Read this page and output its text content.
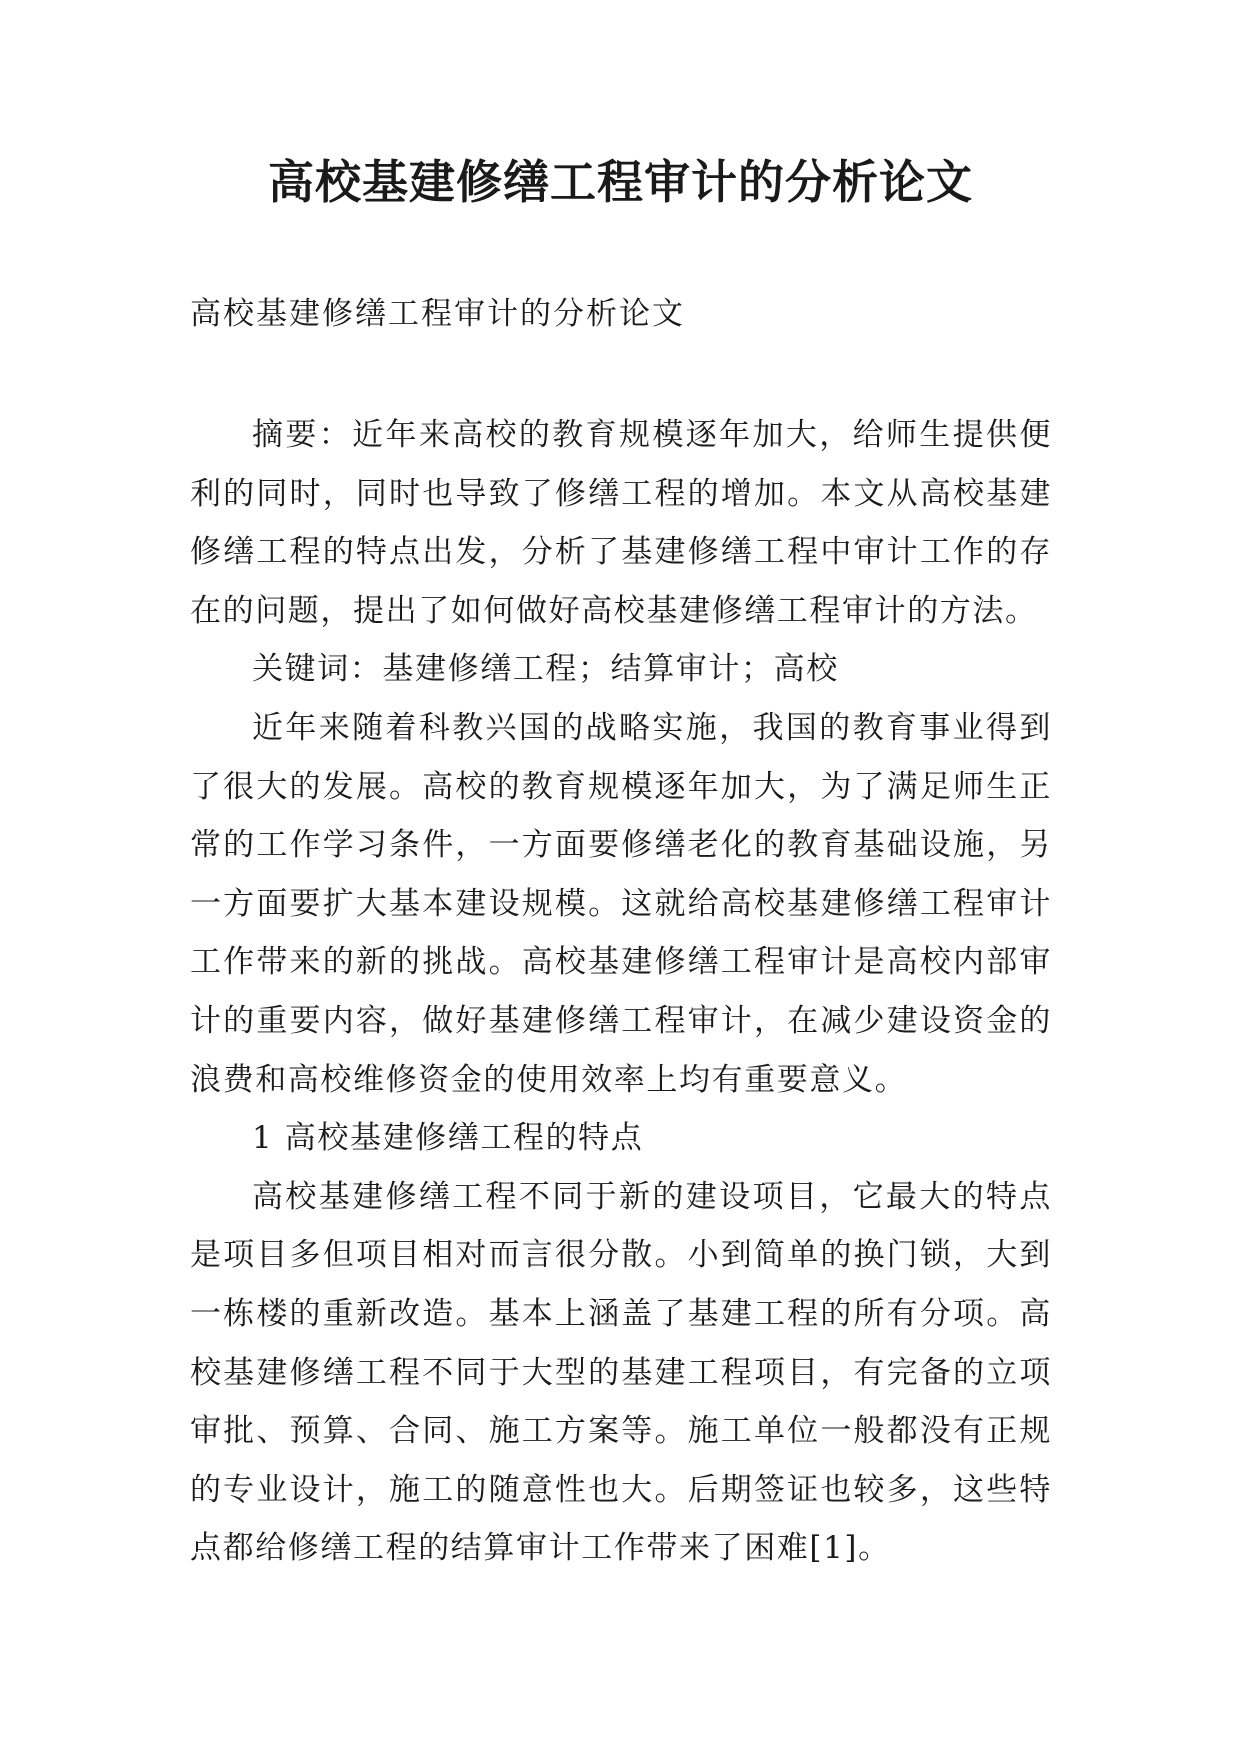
高校基建修缮工程审计的分析论文
高校基建修缮工程审计的分析论文

摘要：近年来高校的教育规模逐年加大，给师生提供便利的同时，同时也导致了修缮工程的增加。本文从高校基建修缮工程的特点出发，分析了基建修缮工程中审计工作的存在的问题，提出了如何做好高校基建修缮工程审计的方法。

关键词：基建修缮工程；结算审计；高校

近年来随着科教兴国的战略实施，我国的教育事业得到了很大的发展。高校的教育规模逐年加大，为了满足师生正常的工作学习条件，一方面要修缮老化的教育基础设施，另一方面要扩大基本建设规模。这就给高校基建修缮工程审计工作带来的新的挑战。高校基建修缮工程审计是高校内部审计的重要内容，做好基建修缮工程审计，在减少建设资金的浪费和高校维修资金的使用效率上均有重要意义。

1 高校基建修缮工程的特点

高校基建修缮工程不同于新的建设项目，它最大的特点是项目多但项目相对而言很分散。小到简单的换门锁，大到一栋楼的重新改造。基本上涵盖了基建工程的所有分项。高校基建修缮工程不同于大型的基建工程项目，有完备的立项审批、预算、合同、施工方案等。施工单位一般都没有正规的专业设计，施工的随意性也大。后期签证也较多，这些特点都给修缮工程的结算审计工作带来了困难[1]。
